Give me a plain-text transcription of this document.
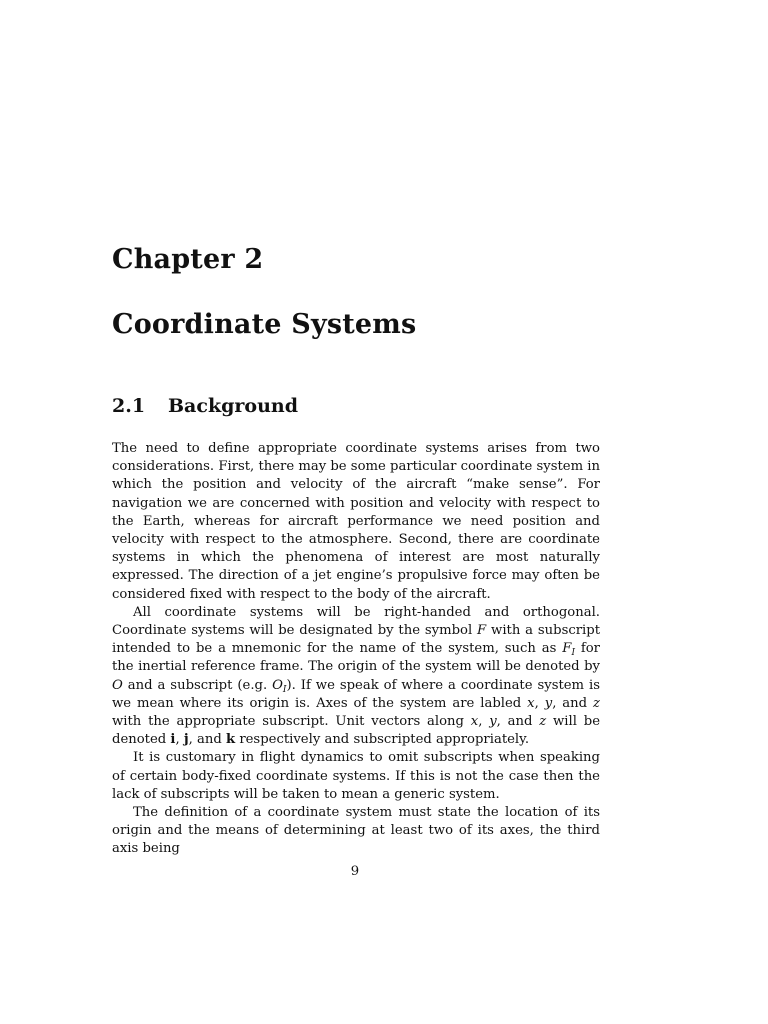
Chapter 2
Coordinate Systems
2.1 Background

The need to define appropriate coordinate systems arises from two considerations. First, there may be some particular coordinate system in which the position and velocity of the aircraft “make sense”. For navigation we are concerned with position and velocity with respect to the Earth, whereas for aircraft performance we need position and velocity with respect to the atmosphere. Second, there are coordinate systems in which the phenomena of interest are most naturally expressed. The direction of a jet engine’s propulsive force may often be considered fixed with respect to the body of the aircraft.

All coordinate systems will be right-handed and orthogonal. Coordinate systems will be designated by the symbol F with a subscript intended to be a mnemonic for the name of the system, such as $F_I$ for the inertial reference frame. The origin of the system will be denoted by O and a subscript (e.g. $O_I$). If we speak of where a coordinate system is we mean where its origin is. Axes of the system are labled x, y, and z with the appropriate subscript. Unit vectors along x, y, and z will be denoted i, j, and k respectively and subscripted appropriately.

It is customary in flight dynamics to omit subscripts when speaking of certain body-fixed coordinate systems. If this is not the case then the lack of subscripts will be taken to mean a generic system.

The definition of a coordinate system must state the location of its origin and the means of determining at least two of its axes, the third axis being

9
